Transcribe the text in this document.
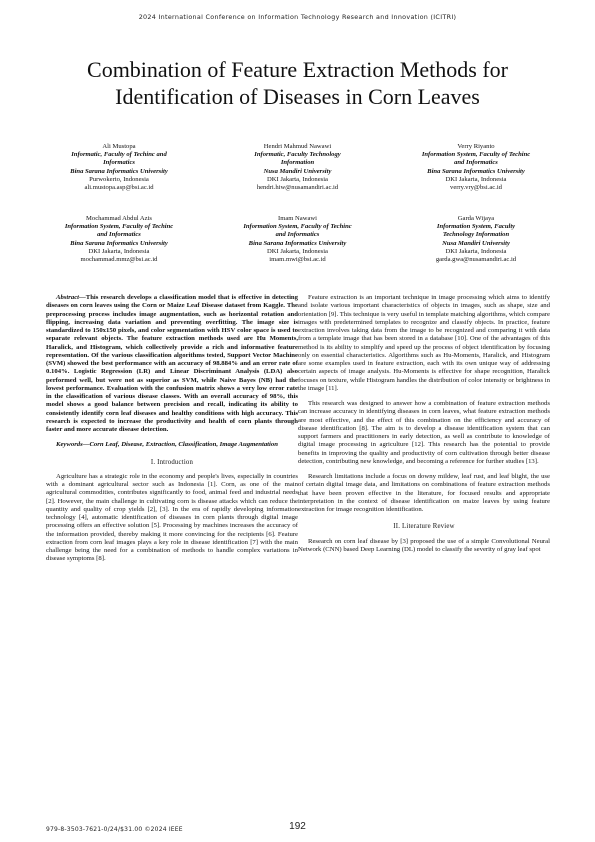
2024 International Conference on Information Technology Research and Innovation (ICITRI)
Combination of Feature Extraction Methods for Identification of Diseases in Corn Leaves
Ali Mustopa
Informatic, Faculty of Techinc and
Informatics
Bina Sarana Informatics University
Purwokerto, Indonesia
ali.mustopa.asp@bsi.ac.id
Hendri Mahmud Nawawi
Informatic, Faculty Technology
Information
Nusa Mandiri University
DKI Jakarta, Indonesia
hendri.hiw@nusamandiri.ac.id
Verry Riyanto
Information System, Faculty of Techinc
and Informatics
Bina Sarana Informatics University
DKI Jakarta, Indonesia
verry.vry@bsi.ac.id
Mochammad Abdul Azis
Information System, Faculty of Techinc
and Informatics
Bina Sarana Informatics University
DKI Jakarta, Indonesia
mochammad.mmz@bsi.ac.id
Imam Nawawi
Information System, Faculty of Techinc
and Informatics
Bina Sarana Informatics University
DKI Jakarta, Indonesia
imam.mwi@bsi.ac.id
Garda Wijaya
Information System, Faculty
Technology Information
Nusa Mandiri University
DKI Jakarta, Indonesia
garda.gwa@nusamandiri.ac.id

Abstract—This research develops a classification model that is effective in detecting diseases on corn leaves using the Corn or Maize Leaf Disease dataset from Kaggle. The preprocessing process includes image augmentation, such as horizontal rotation and flipping, increasing data variation and preventing overfitting. The image size is standardized to 150x150 pixels, and color segmentation with HSV color space is used to separate relevant objects. The feature extraction methods used are Hu Moments, Haralick, and Histogram, which collectively provide a rich and informative feature representation. Of the various classification algorithms tested, Support Vector Machine (SVM) showed the best performance with an accuracy of 98.884% and an error rate of 0.104%. Logistic Regression (LR) and Linear Discriminant Analysis (LDA) also performed well, but were not as superior as SVM, while Naive Bayes (NB) had the lowest performance. Evaluation with the confusion matrix shows a very low error rate in the classification of various disease classes. With an overall accuracy of 98%, this model shows a good balance between precision and recall, indicating its ability to consistently identify corn leaf diseases and healthy conditions with high accuracy. This research is expected to increase the productivity and health of corn plants through faster and more accurate disease detection.

Keywords—Corn Leaf, Disease, Extraction, Classification, Image Augmentation

I. Introduction

Agriculture has a strategic role in the economy and people's lives, especially in countries with a dominant agricultural sector such as Indonesia [1]. Corn, as one of the main agricultural commodities, contributes significantly to food, animal feed and industrial needs [2]. However, the main challenge in cultivating corn is disease attacks which can reduce the quantity and quality of crop yields [2], [3]. In the era of rapidly developing information technology [4], automatic identification of diseases in corn plants through digital image processing offers an effective solution [5]. Processing by machines increases the accuracy of the information provided, thereby making it more convincing for the recipients [6]. Feature extraction from corn leaf images plays a key role in disease identification [7] with the main challenge being the need for a combination of methods to handle complex variations in disease symptoms [8].

Feature extraction is an important technique in image processing which aims to identify and isolate various important characteristics of objects in images, such as shape, size and orientation [9]. This technique is very useful in template matching algorithms, which compare images with predetermined templates to recognize and classify objects. In practice, feature extraction involves taking data from the image to be recognized and comparing it with data from a template image that has been stored in a database [10]. One of the advantages of this method is its ability to simplify and speed up the process of object identification by focusing only on essential characteristics. Algorithms such as Hu-Moments, Haralick, and Histogram are some examples used in feature extraction, each with its own unique way of addressing certain aspects of image analysis. Hu-Moments is effective for shape recognition, Haralick focuses on texture, while Histogram handles the distribution of color intensity or brightness in the image [11].

This research was designed to answer how a combination of feature extraction methods can increase accuracy in identifying diseases in corn leaves, what feature extraction methods are most effective, and the effect of this combination on the efficiency and accuracy of disease identification [8]. The aim is to develop a disease identification system that can support farmers and practitioners in early detection, as well as contribute to knowledge of digital image processing in agriculture [12]. This research has the potential to provide benefits in improving the quality and productivity of corn cultivation through better disease detection, contributing new knowledge, and becoming a reference for further studies [13].

Research limitations include a focus on downy mildew, leaf rust, and leaf blight, the use of certain digital image data, and limitations on combinations of feature extraction methods that have been proven effective in the literature, for focused results and appropriate interpretation in the context of disease identification on maize leaves by using feature extraction for image recognition identification.

II. Literature Review

Research on corn leaf disease by [3] proposed the use of a simple Convolutional Neural Network (CNN) based Deep Learning (DL) model to classify the severity of gray leaf spot

979-8-3503-7621-0/24/$31.00 ©2024 IEEE	192
